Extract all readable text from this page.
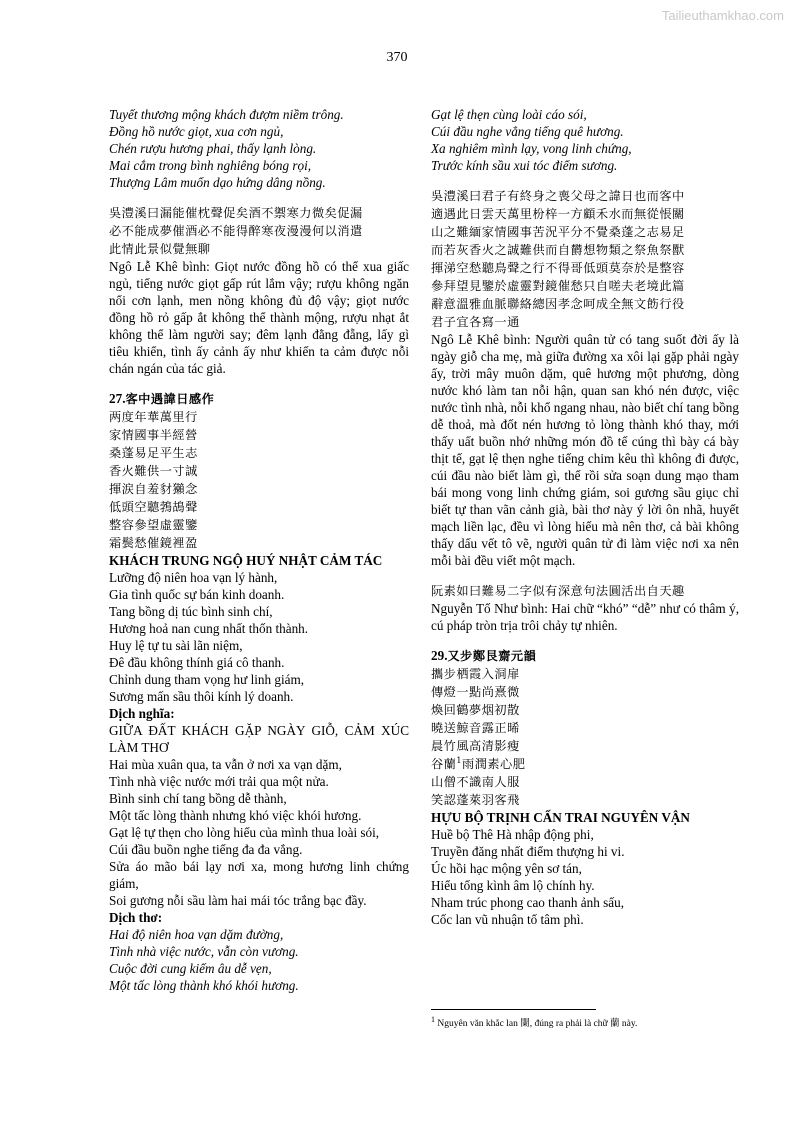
Tailieuthamkhao.com
370
Tuyết thương mộng khách đượm niềm trông.
Đồng hồ nước giọt, xua cơn ngủ,
Chén rượu hương phai, thấy lạnh lòng.
Mai cắm trong bình nghiêng bóng rọi,
Thượng Lâm muốn dạo hứng dâng nồng.
吳澧溪曰漏能催枕聲促矣酒不禦寒力微矣促漏
必不能成夢催酒必不能得醉寒夜漫漫何以消遣
此情此景似覺無聊
Ngô Lễ Khê bình: Giọt nước đồng hồ có thể xua giấc ngủ, tiếng nước giọt gấp rút lắm vậy; rượu không ngăn nổi cơn lạnh, men nồng không đủ độ vậy; giọt nước đồng hồ rỏ gấp ắt không thể thành mộng, rượu nhạt ắt không thể làm người say; đêm lạnh đằng đẵng, lấy gì tiêu khiển, tình ấy cảnh ấy như khiến ta cảm được nỗi chán ngán của tác giả.
27.客中遇諱日感作
两度年華萬里行
家情國事半經營
桑蓬易足平生志
香火難供一寸誠
揮涙自羞豺獺念
低頭空聽鵓鴣聲
整容參望虛靈鑒
霜鬓愁催鏡裡盈
KHÁCH TRUNG NGỘ HUÝ NHẬT CẢM TÁC
Lưỡng độ niên hoa vạn lý hành,
Gia tình quốc sự bán kinh doanh.
Tang bồng dị túc bình sinh chí,
Hương hoả nan cung nhất thốn thành.
Huy lệ tự tu sài lãn niệm,
Đê đầu không thính giá cô thanh.
Chỉnh dung tham vọng hư linh giám,
Sương mấn sầu thôi kính lý doanh.
Dịch nghĩa:
GIỮA ĐẤT KHÁCH GẶP NGÀY GIỖ, CẢM XÚC LÀM THƠ
Hai mùa xuân qua, ta vẫn ở nơi xa vạn dặm,
Tình nhà việc nước mới trải qua một nửa.
Bình sinh chí tang bồng dễ thành,
Một tấc lòng thành nhưng khó việc khói hương.
Gạt lệ tự thẹn cho lòng hiếu của mình thua loài sói,
Cúi đầu buồn nghe tiếng đa đa vắng.
Sửa áo mão bái lạy nơi xa, mong hương linh chứng giám,
Soi gương nỗi sầu làm hai mái tóc trắng bạc đầy.
Dịch thơ:
Hai độ niên hoa vạn dặm đường,
Tình nhà việc nước, vẫn còn vương.
Cuộc đời cung kiếm âu dễ vẹn,
Một tấc lòng thành khó khói hương.
Gạt lệ thẹn cùng loài cáo sói,
Cúi đầu nghe vẳng tiếng quê hương.
Xa nghiêm mình lạy, vong linh chứng,
Trước kính sầu xui tóc điểm sương.
吳澧溪曰君子有終身之喪父母之諱日也而客中
適遇此日雲天萬里枌梓一方顧禾水而無從悵關
山之難緬家情國事苦況平分不覺桑蓬之志易足
而若灰香火之誠難供而自欝想物類之祭魚祭獸
揮涕空愁聽鳥聲之行不得哥低頭莫奈於是整容
參拜望見鑒於虛靈對鏡催愁只自嗟夫老境此篇
辭意溫雅血脈聯絡總因孝念呵成全無文飭行役
君子宜各寫一通
Ngô Lễ Khê bình: Người quân tử có tang suốt đời ấy là ngày giỗ cha mẹ, mà giữa đường xa xôi lại gặp phải ngày ấy, trời mây muôn dặm, quê hương một phương, dòng nước khó làm tan nỗi hận, quan san khó nén được, việc nước tình nhà, nỗi khổ ngang nhau, nào biết chí tang bồng dễ thoả, mà đốt nén hương tỏ lòng thành khó thay, mới thấy uất buồn nhớ những món đồ tế cúng thì bày cá bày thịt tế, gạt lệ thẹn nghe tiếng chim kêu thì không đi được, cúi đầu nào biết làm gì, thế rồi sửa soạn dung mạo tham bái mong vong linh chứng giám, soi gương sầu giục chỉ biết tự than vãn cảnh già, bài thơ này ý lời ôn nhã, huyết mạch liền lạc, đều vì lòng hiếu mà nên thơ, cả bài không thấy dấu vết tô vẽ, người quân tử đi làm việc nơi xa nên mỗi bài đều viết một mạch.
阮素如曰難易二字似有深意句法圓活出自天趣
Nguyễn Tố Như bình: Hai chữ “khó” “dễ” như có thâm ý, cú pháp tròn trịa trôi chảy tự nhiên.
29.又步鄭艮齋元韻
攜步栖霞入洞扉
傳燈一點尚熹微
煥回鶴夢烟初散
曉送鯨音露正晞
晨竹風高清影瘦
谷蘭$^1$雨潤素心肥
山僧不識南人服
笑認蓬萊羽客飛
HỰU BỘ TRỊNH CẤN TRAI NGUYÊN VẬN
Huề bộ Thê Hà nhập động phi,
Truyền đăng nhất điểm thượng hi vi.
Úc hồi hạc mộng yên sơ tán,
Hiểu tống kình âm lộ chính hy.
Nham trúc phong cao thanh ảnh sấu,
Cốc lan vũ nhuận tố tâm phì.
$^1$ Nguyên văn khắc lan 闌, đúng ra phải là chữ 蘭 này.
